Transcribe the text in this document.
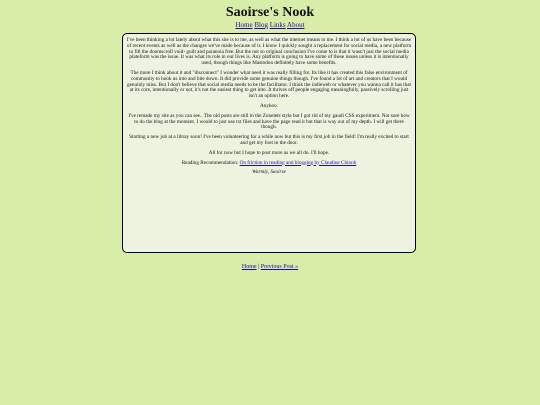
Saoirse's Nook
Home Blog Links About

I've been thinking a lot lately about what this site is to me, as well as what the internet means to me. I think a lot of us have been because of recent events as well as the changes we've made because of it. I know I quickly sought a replacement for social media, a new platform to fill the doomscroll void- guilt and paranoia free. But the not so original conclusion I've come to is that it wasn't just the social media plateform was the issue. It was what its role in our lives is. Any platform is going to have some of these issues unless it is intentionally used, though things like Mastodon definitely have some benefits.

The more I think about it and "disconnect" I wonder what need it was really filling for. Its like it has created this false environment of community to hook us into and bite down. It did provide some genuine things though. I've found a lot of art and creators that I would genuinly miss. But I don't believe that social media needs to be the facilitator. I think the indieweb or whatever you wanna call it has that at its core, intentionally or not, it's not the easiest thing to get into. It thrives off people engaging meaningfully, passively scrolling just isn't an option here.

Anyhoo.

I've remade my site as you can see.. The old posts are still in the Zonelets style but I got rid of my gaudi CSS experiment. Not sure how to do the blog at the moment. I would to just use txt files and have the page read it but that is way out of my depth. I will get there though.

Starting a new job at a libray soon! I've been volunteering for a while now but this is my first job in the field! I'm really excited to start and get my foot in the door.

All for now but I hope to post more as we all do. I'll hope.

Reading Recommendation: On friction in reading and blogging by Claudine Chionh

Warmly, Saoirse

Home | Previous Post »
